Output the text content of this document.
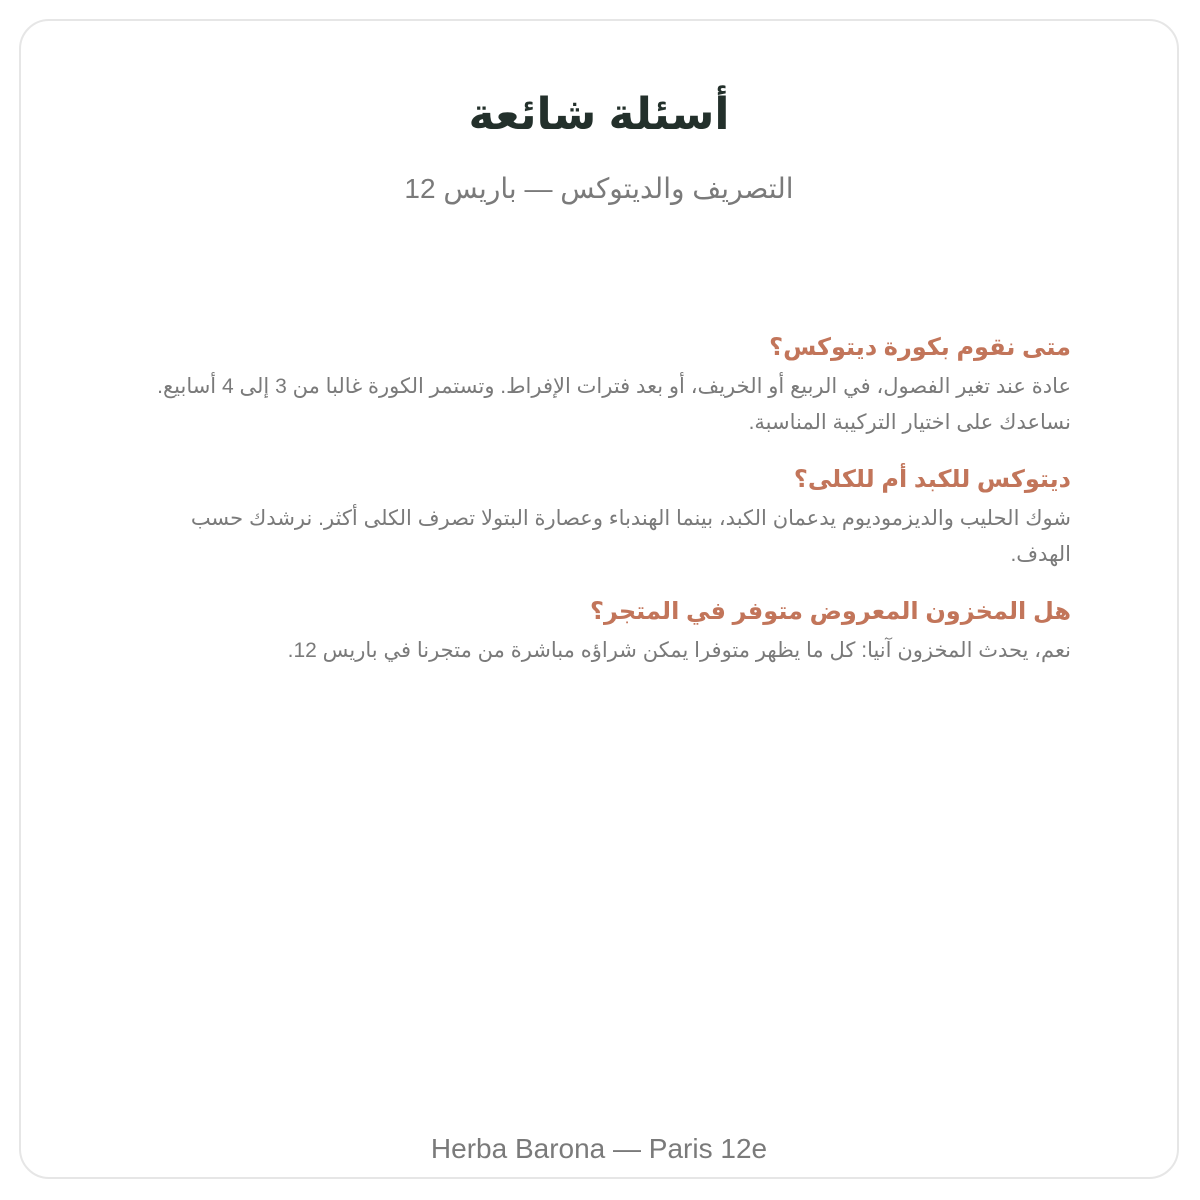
أسئلة شائعة

التصريف والديتوكس — باريس 12

متى نقوم بكورة ديتوكس؟

عادة عند تغير الفصول، في الربيع أو الخريف، أو بعد فترات الإفراط. وتستمر الكورة غالبا من 3 إلى 4 أسابيع. نساعدك على اختيار التركيبة المناسبة.

ديتوكس للكبد أم للكلى؟

شوك الحليب والديزموديوم يدعمان الكبد، بينما الهندباء وعصارة البتولا تصرف الكلى أكثر. نرشدك حسب الهدف.

هل المخزون المعروض متوفر في المتجر؟

نعم، يحدث المخزون آنيا: كل ما يظهر متوفرا يمكن شراؤه مباشرة من متجرنا في باريس 12.

Herba Barona — Paris 12e
